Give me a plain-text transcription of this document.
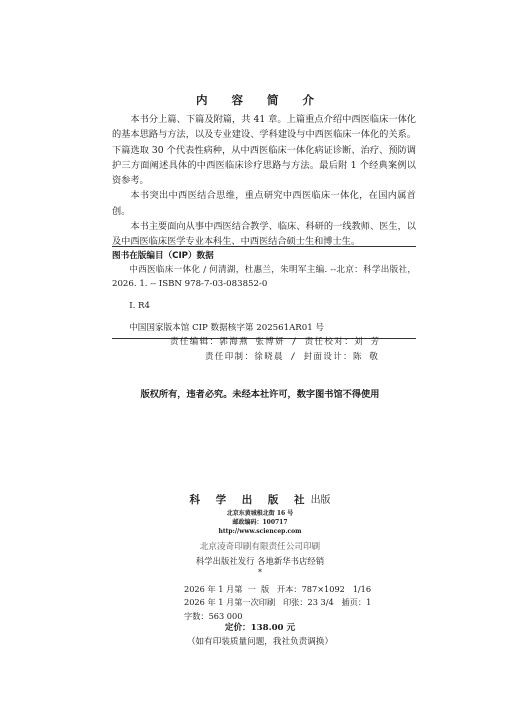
内 容 简 介

本书分上篇、下篇及附篇，共 41 章。上篇重点介绍中西医临床一体化的基本思路与方法，以及专业建设、学科建设与中西医临床一体化的关系。下篇选取 30 个代表性病种，从中西医临床一体化病证诊断、治疗、预防调护三方面阐述具体的中西医临床诊疗思路与方法。最后附 1 个经典案例以资参考。

本书突出中西医结合思维，重点研究中西医临床一体化，在国内属首创。

本书主要面向从事中西医结合教学、临床、科研的一线教师、医生，以及中西医临床医学专业本科生、中西医结合硕士生和博士生。

图书在版编目（CIP）数据
中西医临床一体化 / 何清湖，杜惠兰，朱明军主编. --北京：科学出版社，2026. 1. -- ISBN 978-7-03-083852-0
Ⅰ. R4
中国国家版本馆 CIP 数据核字第 202561AR01 号
责任编辑：郭海燕 张博妍 / 责任校对：刘 芳
责任印制：徐晓晨 / 封面设计：陈 敬
版权所有，违者必究。未经本社许可，数字图书馆不得使用
科 学 出 版 社出版
北京东黄城根北街 16 号
邮政编码：100717
http://www.sciencep.com
北京凌奇印刷有限责任公司印刷
科学出版社发行 各地新华书店经销
*
2026 年 1 月第  一  版   开本：787×1092   1/16
2026 年 1 月第一次印刷   印张：23 3/4   插页：1
字数：563 000
定价：138.00 元
（如有印装质量问题，我社负责调换）
